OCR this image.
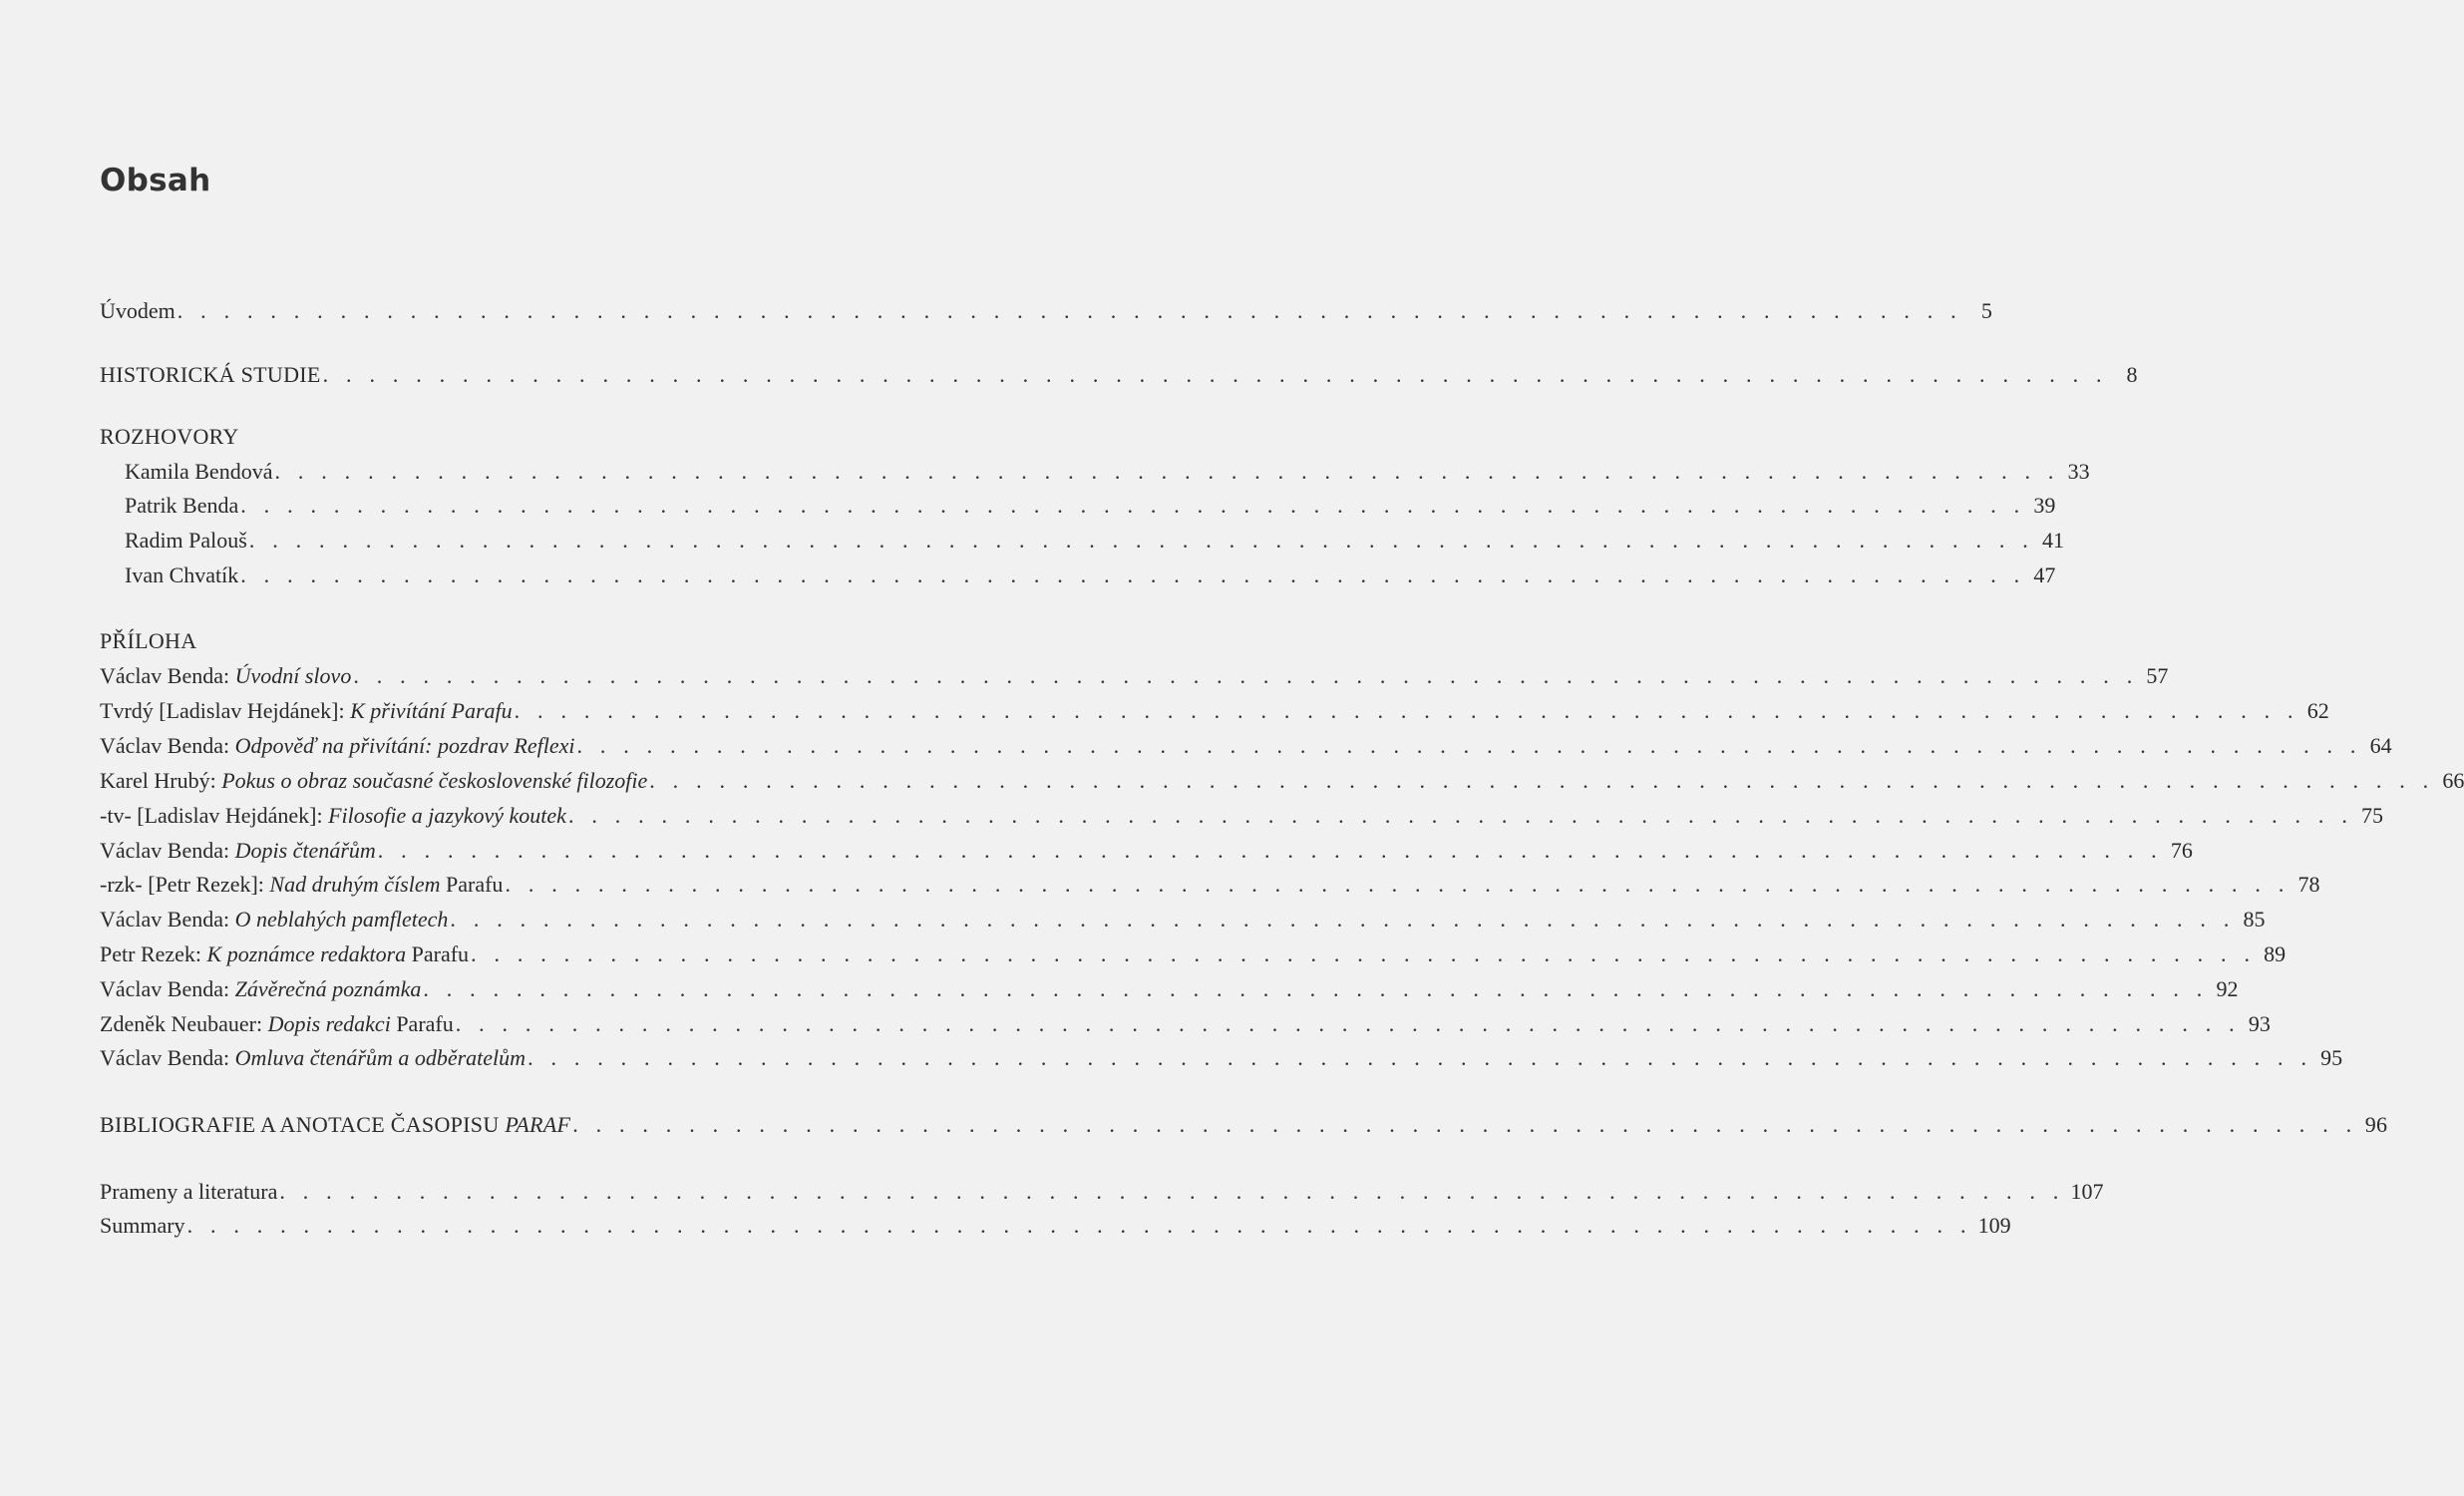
Obsah
Úvodem . . . . . . . . . . . . . . . . . . . . . . . . . . . . . . . . . . . . . . . . . . . . . . . . . . . . . . . . . . . . . . . . . . . . . . . . . . . . . 5
HISTORICKÁ STUDIE . . . . . . . . . . . . . . . . . . . . . . . . . . . . . . . . . . . . . . . . . . . . . . . . . . . . . . . . . . . . . . . . . . . . . . . . . . . . . 8
ROZHOVORY
Kamila Bendová . . . . . . . . . . . . . . . . . . . . . . . . . . . . . . . . . . . . . . . . . . . . . . . . . . . . . . . . . . . . . . . . . . . . . . . . . . . . . 33
Patrik Benda . . . . . . . . . . . . . . . . . . . . . . . . . . . . . . . . . . . . . . . . . . . . . . . . . . . . . . . . . . . . . . . . . . . . . . . . . . . . . 39
Radim Palouš . . . . . . . . . . . . . . . . . . . . . . . . . . . . . . . . . . . . . . . . . . . . . . . . . . . . . . . . . . . . . . . . . . . . . . . . . . . . . 41
Ivan Chvatík . . . . . . . . . . . . . . . . . . . . . . . . . . . . . . . . . . . . . . . . . . . . . . . . . . . . . . . . . . . . . . . . . . . . . . . . . . . . . 47
PŘÍLOHA
Václav Benda: Úvodní slovo . . . . . . . . . . . . . . . . . . . . . . . . . . . . . . . . . . . . . . . . . . . . . . . . . . . . . . . . . . . . . . . . . . . . . . . . . . . . . 57
Tvrdý [Ladislav Hejdánek]: K přivítání Parafu . . . . . . . . . . . . . . . . . . . . . . . . . . . . . . . . . . . . . . . . . . . . . . . . . . . . . . . . . . . . . . . . . . . . . . . . . . . . . 62
Václav Benda: Odpověď na přivítání: pozdrav Reflexi . . . . . . . . . . . . . . . . . . . . . . . . . . . . . . . . . . . . . . . . . . . . . . . . . . . . . . . . . . . . . . . . . . . . . . . . . . . . . 64
Karel Hrubý: Pokus o obraz současné československé filozofie . . . . . . . . . . . . . . . . . . . . . . . . . . . . . . . . . . . . . . . . . . . . . . . . . . . . . . . . . . . . . . . . . . . . . . . . . . . . . 66
-tv- [Ladislav Hejdánek]: Filosofie a jazykový koutek . . . . . . . . . . . . . . . . . . . . . . . . . . . . . . . . . . . . . . . . . . . . . . . . . . . . . . . . . . . . . . . . . . . . . . . . . . . . . 75
Václav Benda: Dopis čtenářům . . . . . . . . . . . . . . . . . . . . . . . . . . . . . . . . . . . . . . . . . . . . . . . . . . . . . . . . . . . . . . . . . . . . . . . . . . . . . 76
-rzk- [Petr Rezek]: Nad druhým číslem Parafu . . . . . . . . . . . . . . . . . . . . . . . . . . . . . . . . . . . . . . . . . . . . . . . . . . . . . . . . . . . . . . . . . . . . . . . . . . . . . 78
Václav Benda: O neblahých pamfletech . . . . . . . . . . . . . . . . . . . . . . . . . . . . . . . . . . . . . . . . . . . . . . . . . . . . . . . . . . . . . . . . . . . . . . . . . . . . . 85
Petr Rezek: K poznámce redaktora Parafu . . . . . . . . . . . . . . . . . . . . . . . . . . . . . . . . . . . . . . . . . . . . . . . . . . . . . . . . . . . . . . . . . . . . . . . . . . . . . 89
Václav Benda: Závěrečná poznámka . . . . . . . . . . . . . . . . . . . . . . . . . . . . . . . . . . . . . . . . . . . . . . . . . . . . . . . . . . . . . . . . . . . . . . . . . . . . . 92
Zdeněk Neubauer: Dopis redakci Parafu . . . . . . . . . . . . . . . . . . . . . . . . . . . . . . . . . . . . . . . . . . . . . . . . . . . . . . . . . . . . . . . . . . . . . . . . . . . . . 93
Václav Benda: Omluva čtenářům a odběratelům . . . . . . . . . . . . . . . . . . . . . . . . . . . . . . . . . . . . . . . . . . . . . . . . . . . . . . . . . . . . . . . . . . . . . . . . . . . . . 95
BIBLIOGRAFIE A ANOTACE ČASOPISU PARAF . . . . . . . . . . . . . . . . . . . . . . . . . . . . . . . . . . . . . . . . . . . . . . . . . . . . . . . . . . . . . . . . . . . . . . . . . . . . . 96
Prameny a literatura . . . . . . . . . . . . . . . . . . . . . . . . . . . . . . . . . . . . . . . . . . . . . . . . . . . . . . . . . . . . . . . . . . . . . . . . . . . . . 107
Summary . . . . . . . . . . . . . . . . . . . . . . . . . . . . . . . . . . . . . . . . . . . . . . . . . . . . . . . . . . . . . . . . . . . . . . . . . . . . . 109
